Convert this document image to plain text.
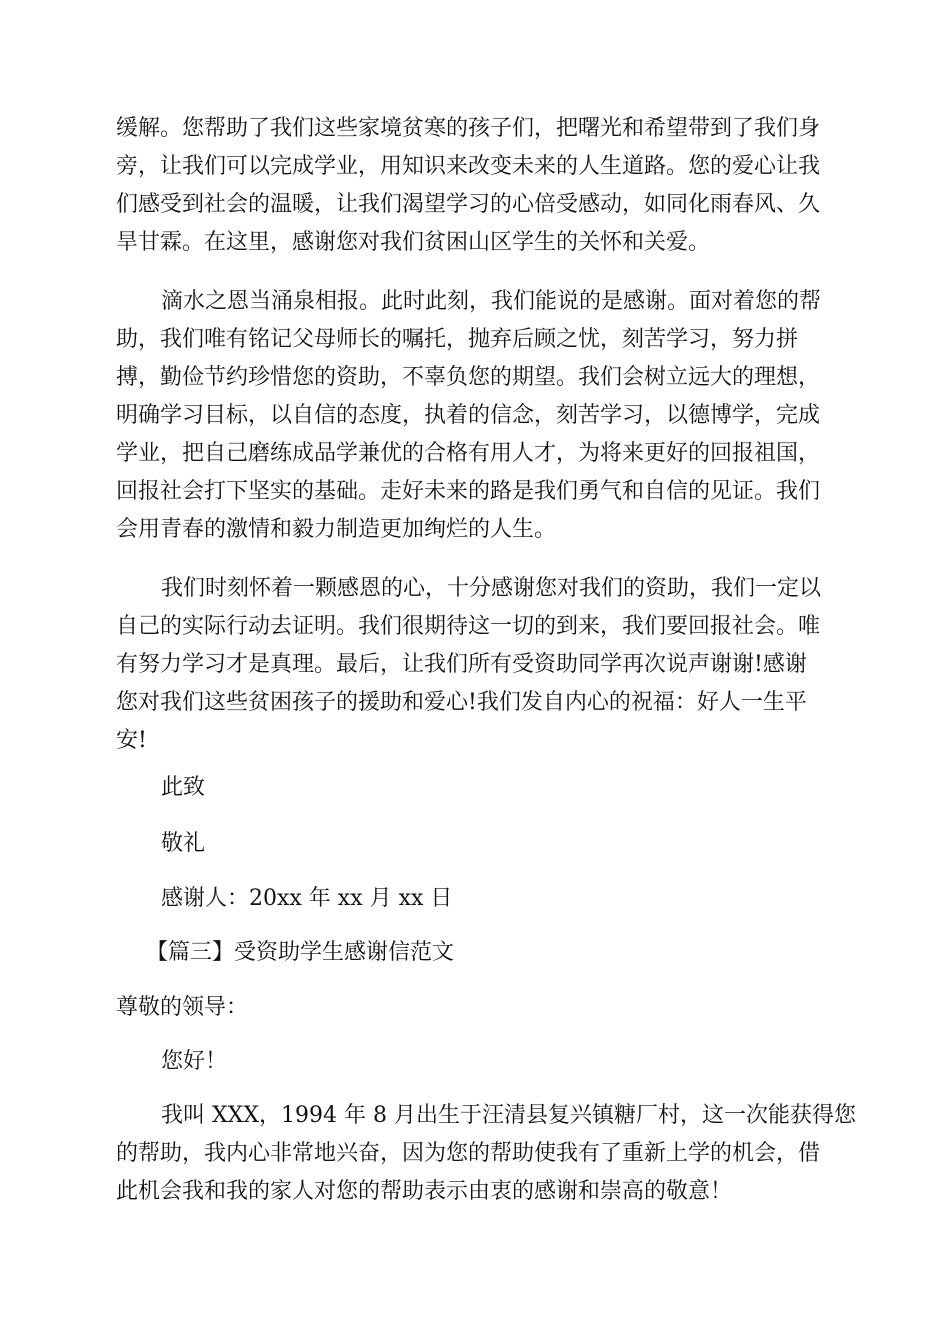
缓解。您帮助了我们这些家境贫寒的孩子们，把曙光和希望带到了我们身
旁，让我们可以完成学业，用知识来改变未来的人生道路。您的爱心让我
们感受到社会的温暖，让我们渴望学习的心倍受感动，如同化雨春风、久
旱甘霖。在这里，感谢您对我们贫困山区学生的关怀和关爱。
滴水之恩当涌泉相报。此时此刻，我们能说的是感谢。面对着您的帮
助，我们唯有铭记父母师长的嘱托，抛弃后顾之忧，刻苦学习，努力拼
搏，勤俭节约珍惜您的资助，不辜负您的期望。我们会树立远大的理想，
明确学习目标，以自信的态度，执着的信念，刻苦学习，以德博学，完成
学业，把自己磨练成品学兼优的合格有用人才，为将来更好的回报祖国，
回报社会打下坚实的基础。走好未来的路是我们勇气和自信的见证。我们
会用青春的激情和毅力制造更加绚烂的人生。
我们时刻怀着一颗感恩的心，十分感谢您对我们的资助，我们一定以
自己的实际行动去证明。我们很期待这一切的到来，我们要回报社会。唯
有努力学习才是真理。最后，让我们所有受资助同学再次说声谢谢!感谢
您对我们这些贫困孩子的援助和爱心!我们发自内心的祝福：好人一生平
安!
此致
敬礼
感谢人：20xx 年 xx 月 xx 日
【篇三】受资助学生感谢信范文
尊敬的领导：
您好！
我叫 XXX，1994 年 8 月出生于汪清县复兴镇糖厂村，这一次能获得您
的帮助，我内心非常地兴奋，因为您的帮助使我有了重新上学的机会，借
此机会我和我的家人对您的帮助表示由衷的感谢和崇高的敬意！
